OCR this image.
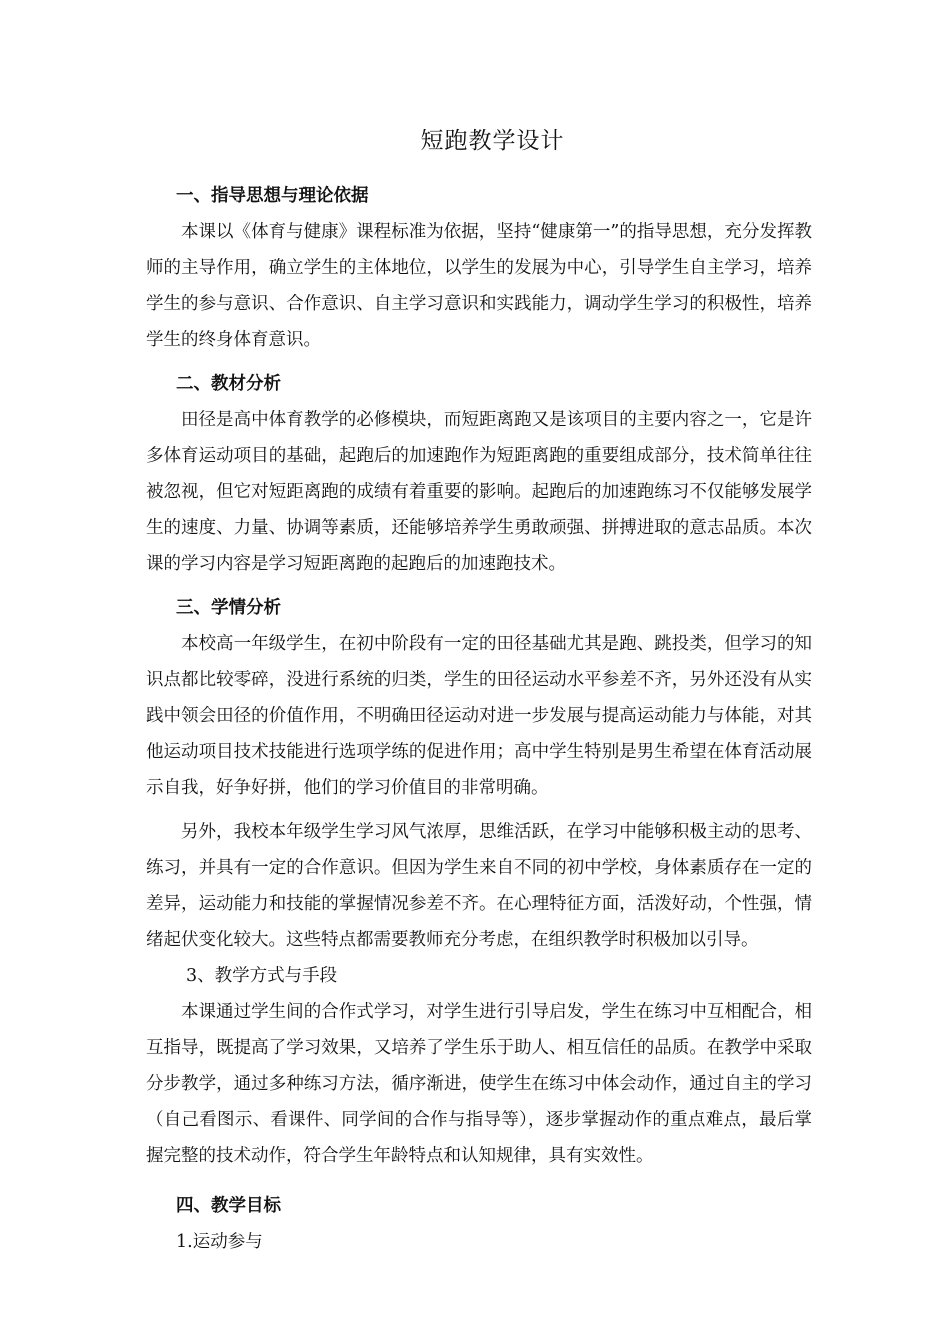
短跑教学设计
一、指导思想与理论依据

本课以《体育与健康》课程标准为依据，坚持“健康第一”的指导思想，充分发挥教师的主导作用，确立学生的主体地位，以学生的发展为中心，引导学生自主学习，培养学生的参与意识、合作意识、自主学习意识和实践能力，调动学生学习的积极性，培养学生的终身体育意识。

二、教材分析

田径是高中体育教学的必修模块，而短距离跑又是该项目的主要内容之一，它是许多体育运动项目的基础，起跑后的加速跑作为短距离跑的重要组成部分，技术简单往往被忽视，但它对短距离跑的成绩有着重要的影响。起跑后的加速跑练习不仅能够发展学生的速度、力量、协调等素质，还能够培养学生勇敢顽强、拼搏进取的意志品质。本次课的学习内容是学习短距离跑的起跑后的加速跑技术。

三、学情分析

本校高一年级学生，在初中阶段有一定的田径基础尤其是跑、跳投类，但学习的知识点都比较零碎，没进行系统的归类，学生的田径运动水平参差不齐，另外还没有从实践中领会田径的价值作用，不明确田径运动对进一步发展与提高运动能力与体能，对其他运动项目技术技能进行选项学练的促进作用；高中学生特别是男生希望在体育活动展示自我，好争好拼，他们的学习价值目的非常明确。

另外，我校本年级学生学习风气浓厚，思维活跃，在学习中能够积极主动的思考、练习，并具有一定的合作意识。但因为学生来自不同的初中学校，身体素质存在一定的差异，运动能力和技能的掌握情况参差不齐。在心理特征方面，活泼好动，个性强，情绪起伏变化较大。这些特点都需要教师充分考虑，在组织教学时积极加以引导。

3、教学方式与手段

本课通过学生间的合作式学习，对学生进行引导启发，学生在练习中互相配合，相互指导，既提高了学习效果，又培养了学生乐于助人、相互信任的品质。在教学中采取分步教学，通过多种练习方法，循序渐进，使学生在练习中体会动作，通过自主的学习（自己看图示、看课件、同学间的合作与指导等），逐步掌握动作的重点难点，最后掌握完整的技术动作，符合学生年龄特点和认知规律，具有实效性。

四、教学目标
1.运动参与
